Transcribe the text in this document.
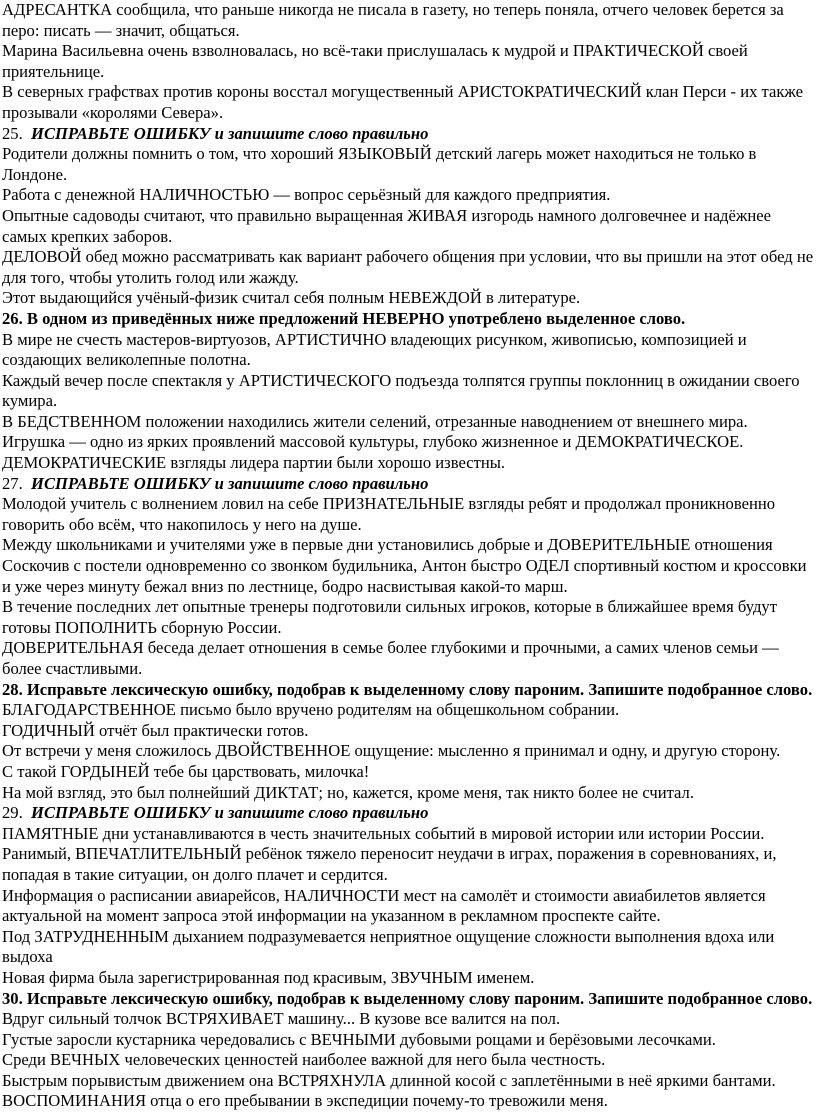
АДРЕСАНТКА сообщила, что раньше никогда не писала в газету, но теперь поняла, отчего человек берется за перо: писать — значит, общаться.

Марина Васильевна очень взволновалась, но всё-таки прислушалась к мудрой и ПРАКТИЧЕСКОЙ своей приятельнице.

В северных графствах против короны восстал могущественный АРИСТОКРАТИЧЕСКИЙ клан Перси - их также прозывали «королями Севера».

25. ИСПРАВЬТЕ ОШИБКУ и запишите слово правильно

Родители должны помнить о том, что хороший ЯЗЫКОВЫЙ детский лагерь может находиться не только в Лондоне.

Работа с денежной НАЛИЧНОСТЬЮ — вопрос серьёзный для каждого предприятия.

Опытные садоводы считают, что правильно выращенная ЖИВАЯ изгородь намного долговечнее и надёжнее самых крепких заборов.

ДЕЛОВОЙ обед можно рассматривать как вариант рабочего общения при условии, что вы пришли на этот обед не для того, чтобы утолить голод или жажду.

Этот выдающийся учёный-физик считал себя полным НЕВЕЖДОЙ в литературе.

26. В одном из приведённых ниже предложений НЕВЕРНО употреблено выделенное слово.

В мире не счесть мастеров-виртуозов, АРТИСТИЧНО владеющих рисунком, живописью, композицией и создающих великолепные полотна.

Каждый вечер после спектакля у АРТИСТИЧЕСКОГО подъезда толпятся группы поклонниц в ожидании своего кумира.

В БЕДСТВЕННОМ положении находились жители селений, отрезанные наводнением от внешнего мира.

Игрушка — одно из ярких проявлений массовой культуры, глубоко жизненное и ДЕМОКРАТИЧЕСКОЕ.

ДЕМОКРАТИЧЕСКИЕ взгляды лидера партии были хорошо известны.

27. ИСПРАВЬТЕ ОШИБКУ и запишите слово правильно

Молодой учитель с волнением ловил на себе ПРИЗНАТЕЛЬНЫЕ взгляды ребят и продолжал проникновенно говорить обо всём, что накопилось у него на душе.

Между школьниками и учителями уже в первые дни установились добрые и ДОВЕРИТЕЛЬНЫЕ отношения

Соскочив с постели одновременно со звонком будильника, Антон быстро ОДЕЛ спортивный костюм и кроссовки и уже через минуту бежал вниз по лестнице, бодро насвистывая какой-то марш.

В течение последних лет опытные тренеры подготовили сильных игроков, которые в ближайшее время будут готовы ПОПОЛНИТЬ сборную России.

ДОВЕРИТЕЛЬНАЯ беседа делает отношения в семье более глубокими и прочными, а самих членов семьи — более счастливыми.

28. Исправьте лексическую ошибку, подобрав к выделенному слову пароним. Запишите подобранное слово.

БЛАГОДАРСТВЕННОЕ письмо было вручено родителям на общешкольном собрании.

ГОДИЧНЫЙ отчёт был практически готов.

От встречи у меня сложилось ДВОЙСТВЕННОЕ ощущение: мысленно я принимал и одну, и другую сторону.

С такой ГОРДЫНЕЙ тебе бы царствовать, милочка!

На мой взгляд, это был полнейший ДИКТАТ; но, кажется, кроме меня, так никто более не считал.

29. ИСПРАВЬТЕ ОШИБКУ и запишите слово правильно

ПАМЯТНЫЕ дни устанавливаются в честь значительных событий в мировой истории или истории России.

Ранимый, ВПЕЧАТЛИТЕЛЬНЫЙ ребёнок тяжело переносит неудачи в играх, поражения в соревнованиях, и, попадая в такие ситуации, он долго плачет и сердится.

Информация о расписании авиарейсов, НАЛИЧНОСТИ мест на самолёт и стоимости авиабилетов является актуальной на момент запроса этой информации на указанном в рекламном проспекте сайте.

Под ЗАТРУДНЕННЫМ дыханием подразумевается неприятное ощущение сложности выполнения вдоха или выдоха

Новая фирма была зарегистрированная под красивым, ЗВУЧНЫМ именем.

30. Исправьте лексическую ошибку, подобрав к выделенному слову пароним. Запишите подобранное слово.

Вдруг сильный толчок ВСТРЯХИВАЕТ машину... В кузове все валится на пол.

Густые заросли кустарника чередовались с ВЕЧНЫМИ дубовыми рощами и берёзовыми лесочками.

Среди ВЕЧНЫХ человеческих ценностей наиболее важной для него была честность.

Быстрым порывистым движением она ВСТРЯХНУЛА длинной косой с заплетёнными в неё яркими бантами.

ВОСПОМИНАНИЯ отца о его пребывании в экспедиции почему-то тревожили меня.
